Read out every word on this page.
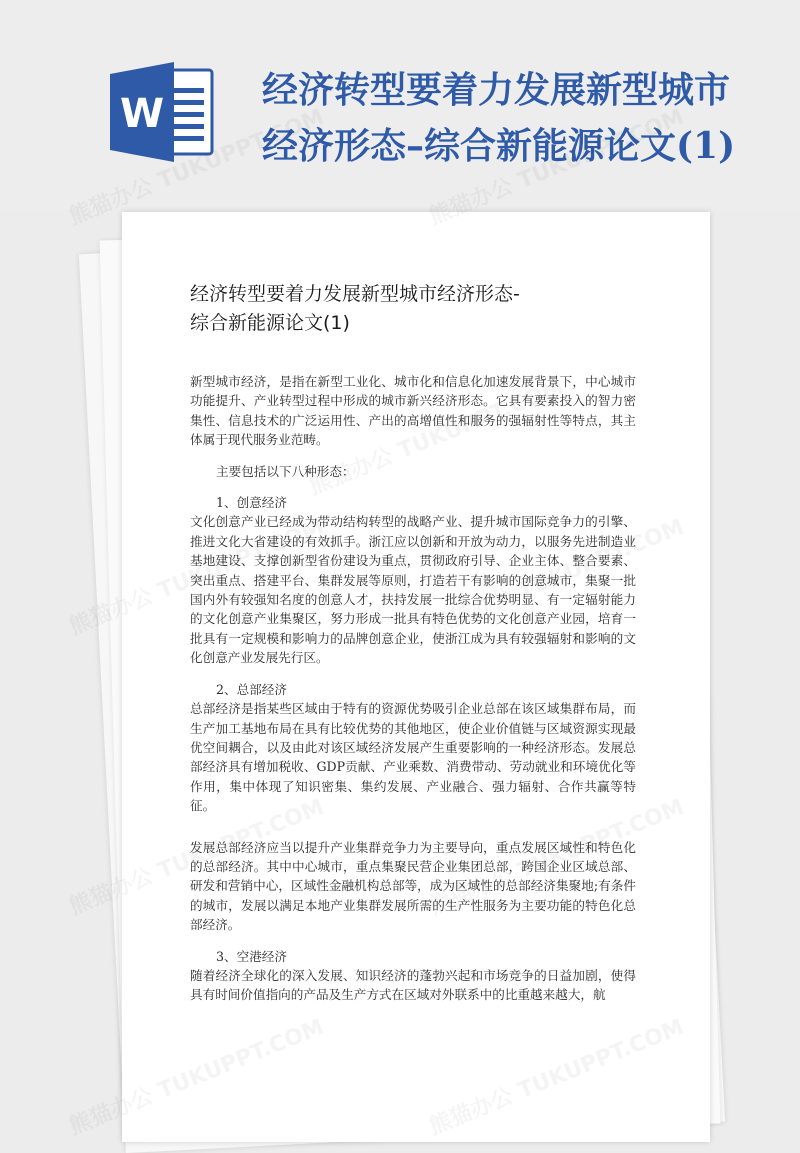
W
经济转型要着力发展新型城市
经济形态–综合新能源论文(1)
经济转型要着力发展新型城市经济形态-
综合新能源论文(1)

新型城市经济，是指在新型工业化、城市化和信息化加速发展背景下，中心城市功能提升、产业转型过程中形成的城市新兴经济形态。它具有要素投入的智力密集性、信息技术的广泛运用性、产出的高增值性和服务的强辐射性等特点，其主体属于现代服务业范畴。

主要包括以下八种形态：

1、创意经济

文化创意产业已经成为带动结构转型的战略产业、提升城市国际竞争力的引擎、推进文化大省建设的有效抓手。浙江应以创新和开放为动力，以服务先进制造业基地建设、支撑创新型省份建设为重点，贯彻政府引导、企业主体、整合要素、突出重点、搭建平台、集群发展等原则，打造若干有影响的创意城市，集聚一批国内外有较强知名度的创意人才，扶持发展一批综合优势明显、有一定辐射能力的文化创意产业集聚区，努力形成一批具有特色优势的文化创意产业园，培育一批具有一定规模和影响力的品牌创意企业，使浙江成为具有较强辐射和影响的文化创意产业发展先行区。

2、总部经济

总部经济是指某些区域由于特有的资源优势吸引企业总部在该区域集群布局，而生产加工基地布局在具有比较优势的其他地区，使企业价值链与区域资源实现最优空间耦合，以及由此对该区域经济发展产生重要影响的一种经济形态。发展总部经济具有增加税收、GDP贡献、产业乘数、消费带动、劳动就业和环境优化等作用，集中体现了知识密集、集约发展、产业融合、强力辐射、合作共赢等特征。

发展总部经济应当以提升产业集群竞争力为主要导向，重点发展区域性和特色化的总部经济。其中中心城市，重点集聚民营企业集团总部，跨国企业区域总部、研发和营销中心，区域性金融机构总部等，成为区域性的总部经济集聚地;有条件的城市，发展以满足本地产业集群发展所需的生产性服务为主要功能的特色化总部经济。

3、空港经济

随着经济全球化的深入发展、知识经济的蓬勃兴起和市场竞争的日益加剧，使得具有时间价值指向的产品及生产方式在区域对外联系中的比重越来越大，航
